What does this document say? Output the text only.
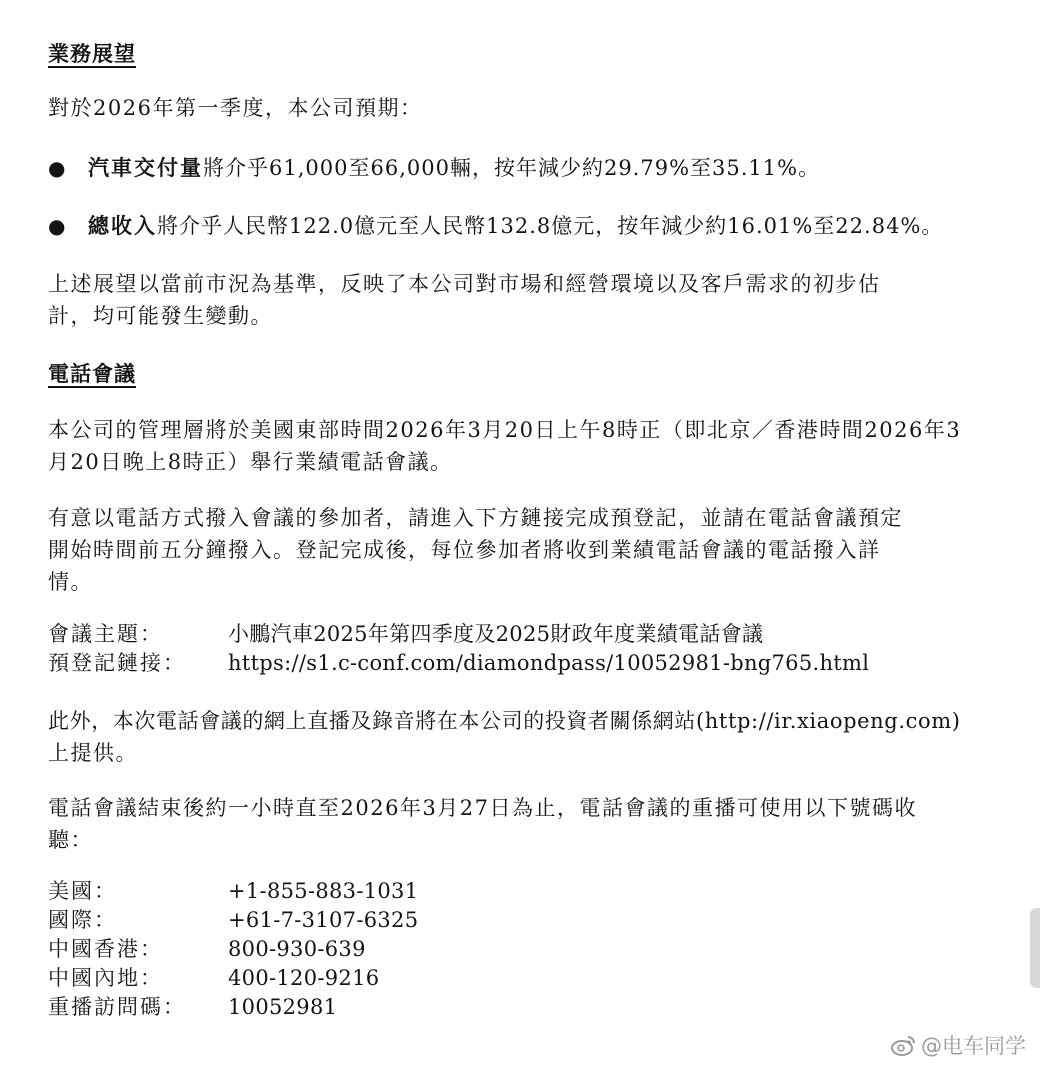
業務展望
對於2026年第一季度，本公司預期：
● 汽車交付量將介乎61,000至66,000輛，按年減少約29.79%至35.11%。
● 總收入將介乎人民幣122.0億元至人民幣132.8億元，按年減少約16.01%至22.84%。
上述展望以當前市況為基準，反映了本公司對市場和經營環境以及客戶需求的初步估
計，均可能發生變動。
電話會議
本公司的管理層將於美國東部時間2026年3月20日上午8時正（即北京／香港時間2026年3
月20日晚上8時正）舉行業績電話會議。
有意以電話方式撥入會議的參加者，請進入下方鏈接完成預登記，並請在電話會議預定
開始時間前五分鐘撥入。登記完成後，每位參加者將收到業績電話會議的電話撥入詳
情。
會議主題：	小鵬汽車2025年第四季度及2025財政年度業績電話會議
預登記鏈接： https://s1.c-conf.com/diamondpass/10052981-bng765.html
此外，本次電話會議的網上直播及錄音將在本公司的投資者關係網站(http://ir.xiaopeng.com)
上提供。
電話會議結束後約一小時直至2026年3月27日為止，電話會議的重播可使用以下號碼收
聽：
美國：	+1-855-883-1031
國際：	+61-7-3107-6325
中國香港：	800-930-639
中國內地：	400-120-9216
重播訪問碼： 10052981
@电车同学
